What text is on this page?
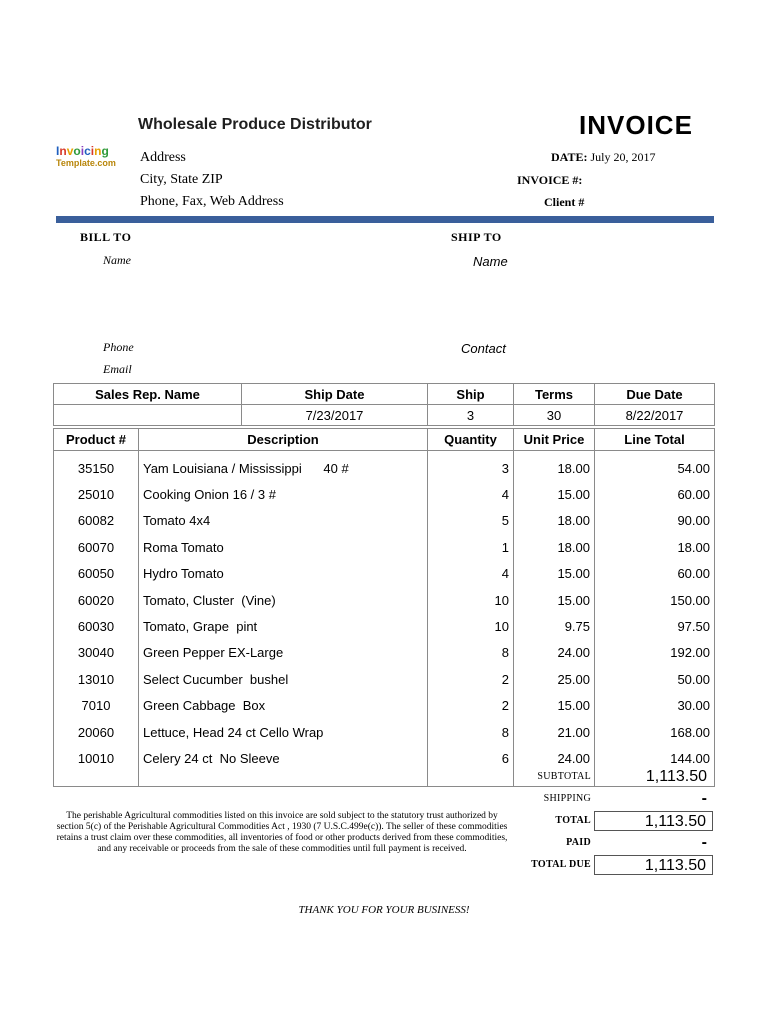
Wholesale Produce Distributor	INVOICE
Invoicing
Template.com	Address
City, State ZIP
Phone, Fax, Web Address
DATE: July 20, 2017
INVOICE #:
Client #
BILL TO
Name
Phone
Email
SHIP TO
Name
Contact
Sales Rep. Name	Ship Date	Ship	Terms	Due Date
	7/23/2017	3	30	8/22/2017
Product #	Description	Quantity	Unit Price	Line Total

35150	Yam Louisiana / Mississippi      40 #	3	18.00	54.00
25010	Cooking Onion 16 / 3 #	4	15.00	60.00
60082	Tomato 4x4	5	18.00	90.00
60070	Roma Tomato	1	18.00	18.00
60050	Hydro Tomato	4	15.00	60.00
60020	Tomato, Cluster  (Vine)	10	15.00	150.00
60030	Tomato, Grape  pint	10	9.75	97.50
30040	Green Pepper EX-Large	8	24.00	192.00
13010	Select Cucumber  bushel	2	25.00	50.00
7010	Green Cabbage  Box	2	15.00	30.00
20060	Lettuce, Head 24 ct Cello Wrap	8	21.00	168.00
10010	Celery 24 ct  No Sleeve	6	24.00	144.00

SUBTOTAL	1,113.50
SHIPPING	-
TOTAL	1,113.50
PAID	-
TOTAL DUE	1,113.50
The perishable Agricultural commodities listed on this invoice are sold subject to the statutory trust authorized by section 5(c) of the Perishable Agricultural Commodities Act , 1930 (7 U.S.C.499e(c)). The seller of these commodities retains a trust claim over these commodities, all inventories of food or other products derived from these commodities, and any receivable or proceeds from the sale of these commodities until full payment is received.
THANK YOU FOR YOUR BUSINESS!
